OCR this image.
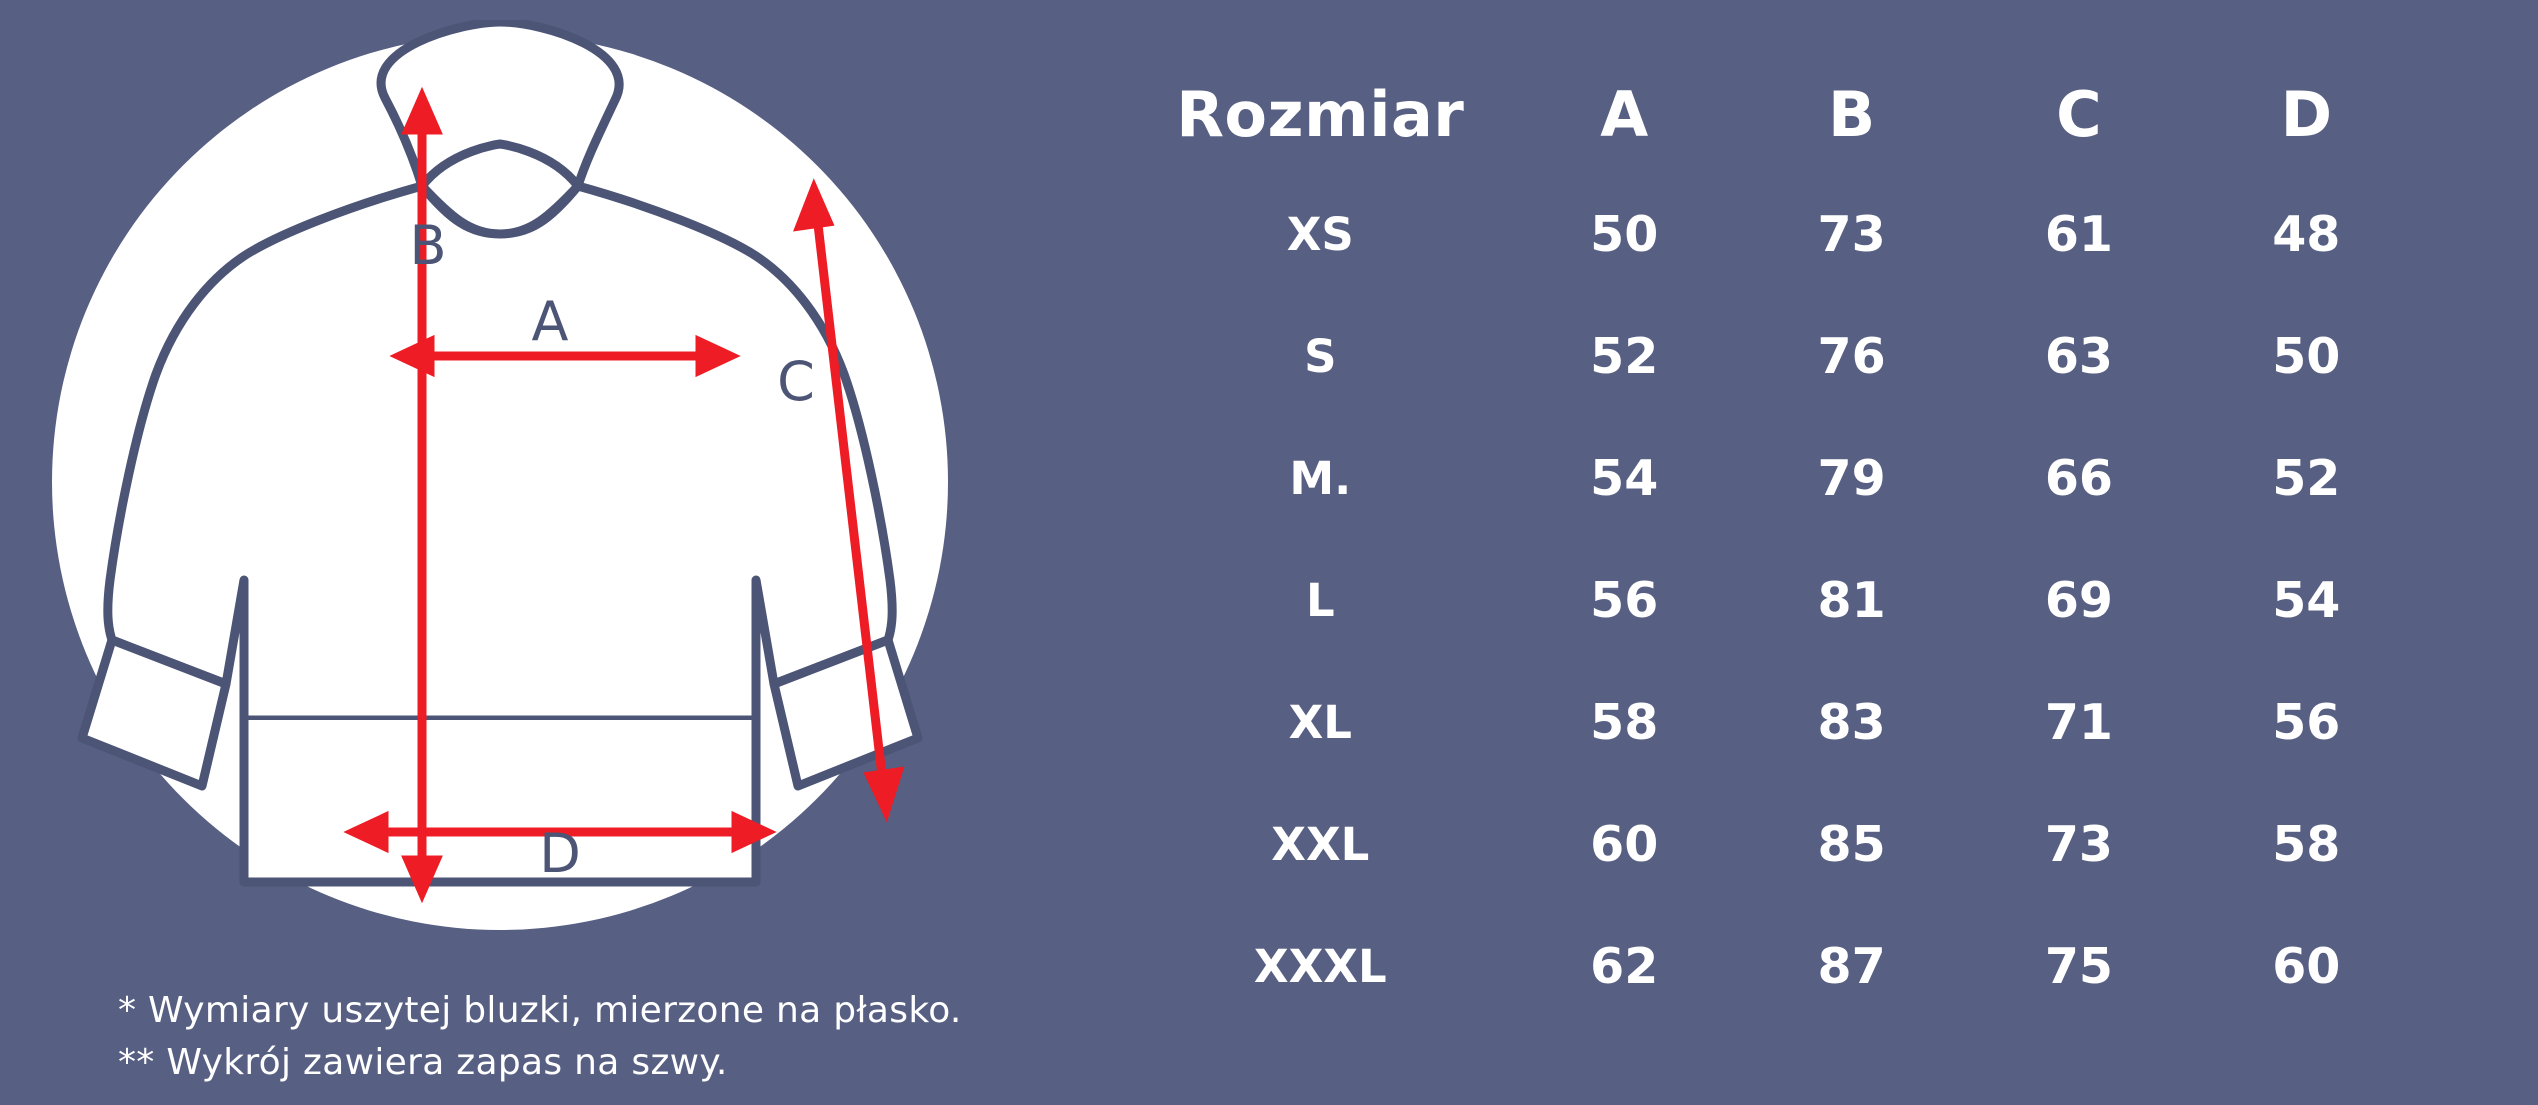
B
A
C
D
* Wymiary uszytej bluzki, mierzone na płasko.
** Wykrój zawiera zapas na szwy.
Rozmiar	A	B	C	D
XS	50	73	61	48
S	52	76	63	50
M.	54	79	66	52
L	56	81	69	54
XL	58	83	71	56
XXL	60	85	73	58
XXXL	62	87	75	60
